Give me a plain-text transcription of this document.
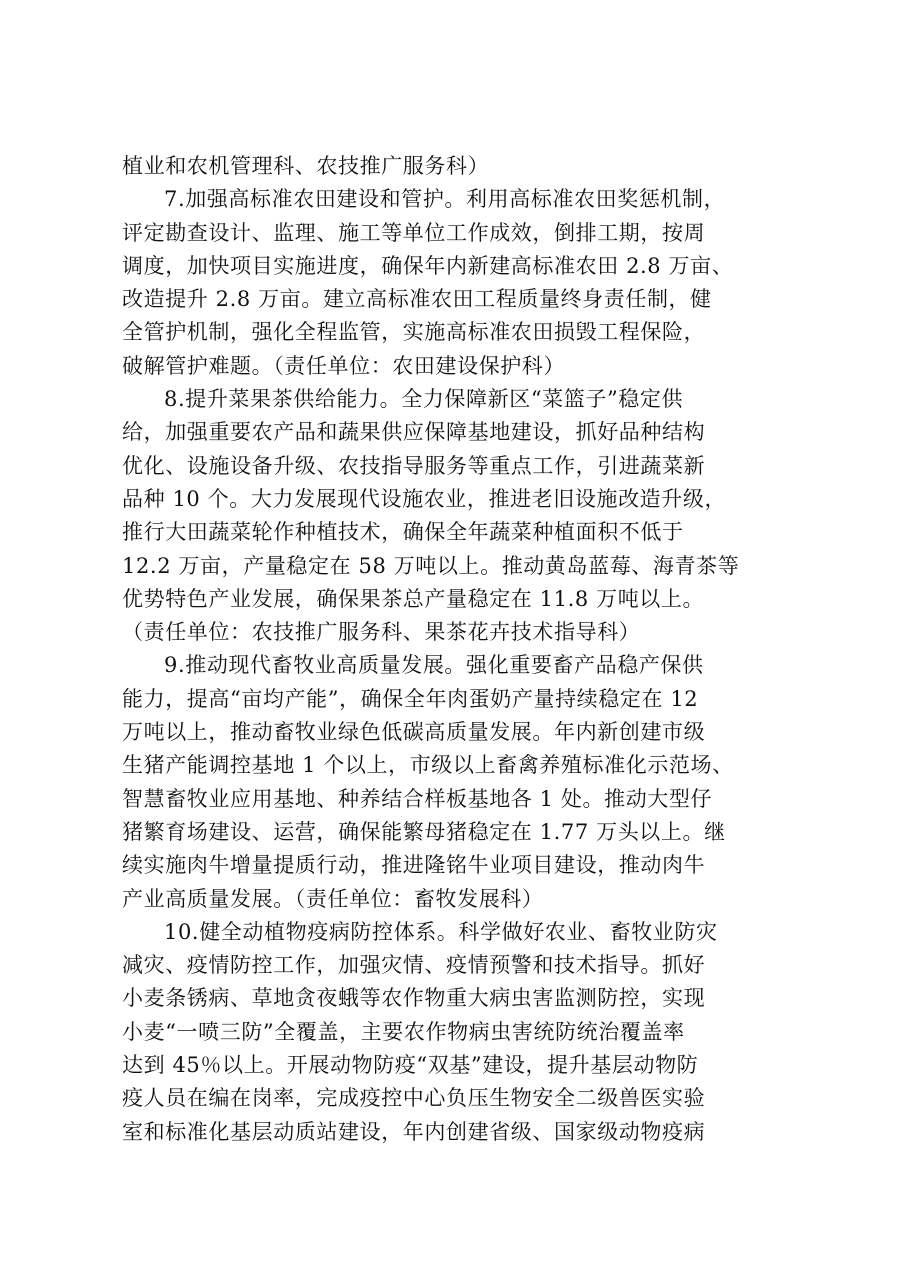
植业和农机管理科、农技推广服务科）

7.加强高标准农田建设和管护。利用高标准农田奖惩机制，
评定勘查设计、监理、施工等单位工作成效，倒排工期，按周
调度，加快项目实施进度，确保年内新建高标准农田 2.8 万亩、
改造提升 2.8 万亩。建立高标准农田工程质量终身责任制，健
全管护机制，强化全程监管，实施高标准农田损毁工程保险，
破解管护难题。（责任单位：农田建设保护科）

8.提升菜果茶供给能力。全力保障新区“菜篮子”稳定供
给，加强重要农产品和蔬果供应保障基地建设，抓好品种结构
优化、设施设备升级、农技指导服务等重点工作，引进蔬菜新
品种 10 个。大力发展现代设施农业，推进老旧设施改造升级，
推行大田蔬菜轮作种植技术，确保全年蔬菜种植面积不低于
12.2 万亩，产量稳定在 58 万吨以上。推动黄岛蓝莓、海青茶等
优势特色产业发展，确保果茶总产量稳定在 11.8 万吨以上。
（责任单位：农技推广服务科、果茶花卉技术指导科）

9.推动现代畜牧业高质量发展。强化重要畜产品稳产保供
能力，提高“亩均产能”，确保全年肉蛋奶产量持续稳定在 12
万吨以上，推动畜牧业绿色低碳高质量发展。年内新创建市级
生猪产能调控基地 1 个以上，市级以上畜禽养殖标准化示范场、
智慧畜牧业应用基地、种养结合样板基地各 1 处。推动大型仔
猪繁育场建设、运营，确保能繁母猪稳定在 1.77 万头以上。继
续实施肉牛增量提质行动，推进隆铭牛业项目建设，推动肉牛
产业高质量发展。（责任单位：畜牧发展科）

10.健全动植物疫病防控体系。科学做好农业、畜牧业防灾
减灾、疫情防控工作，加强灾情、疫情预警和技术指导。抓好
小麦条锈病、草地贪夜蛾等农作物重大病虫害监测防控，实现
小麦“一喷三防”全覆盖，主要农作物病虫害统防统治覆盖率
达到 45％以上。开展动物防疫“双基”建设，提升基层动物防
疫人员在编在岗率，完成疫控中心负压生物安全二级兽医实验
室和标准化基层动质站建设，年内创建省级、国家级动物疫病
